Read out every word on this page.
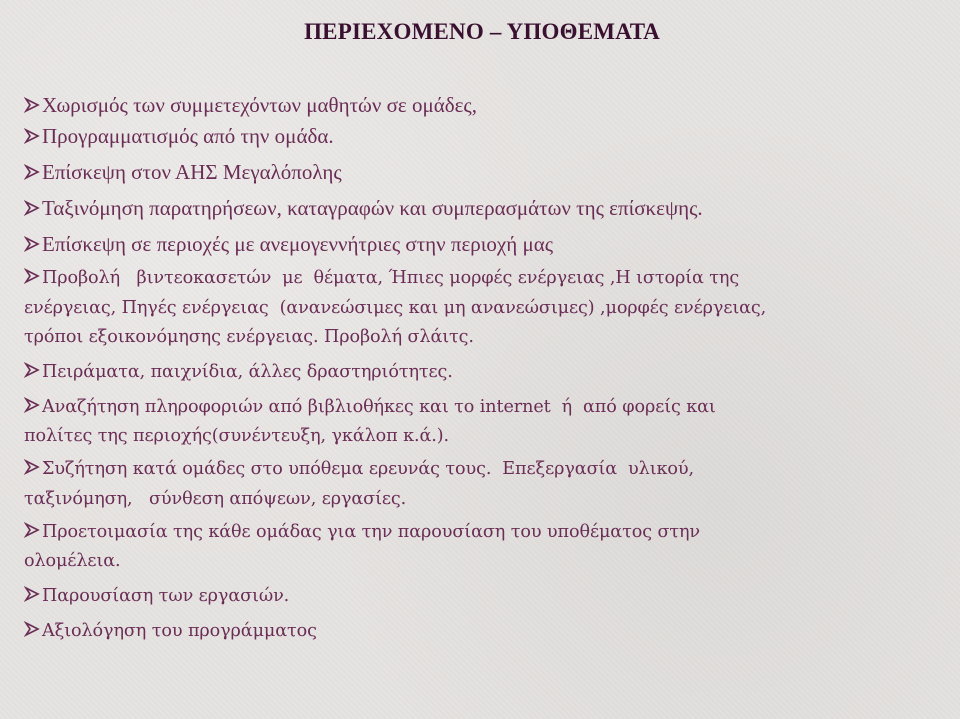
ΠΕΡΙΕΧΟΜΕΝΟ – ΥΠΟΘΕΜΑΤΑ
Χωρισμός των συμμετεχόντων μαθητών σε ομάδες,
Προγραμματισμός από την ομάδα.
Επίσκεψη στον ΑΗΣ Μεγαλόπολης
Ταξινόμηση παρατηρήσεων, καταγραφών και συμπερασμάτων της επίσκεψης.
Επίσκεψη σε περιοχές με ανεμογεννήτριες στην περιοχή μας
Προβολή   βιντεοκασετών  με  θέματα, Ήπιες μορφές ενέργειας ,Η ιστορία της
ενέργειας, Πηγές ενέργειας  (ανανεώσιμες και μη ανανεώσιμες) ,μορφές ενέργειας,
τρόποι εξοικονόμησης ενέργειας. Προβολή σλάιτς.
Πειράματα, παιχνίδια, άλλες δραστηριότητες.
Αναζήτηση πληροφοριών από βιβλιοθήκες και το internet  ή  από φορείς και
πολίτες της περιοχής(συνέντευξη, γκάλοπ κ.ά.).
Συζήτηση κατά ομάδες στο υπόθεμα ερευνάς τους.  Επεξεργασία  υλικού,
ταξινόμηση,   σύνθεση απόψεων, εργασίες.
Προετοιμασία της κάθε ομάδας για την παρουσίαση του υποθέματος στην
ολομέλεια.
Παρουσίαση των εργασιών.
Αξιολόγηση του προγράμματος
